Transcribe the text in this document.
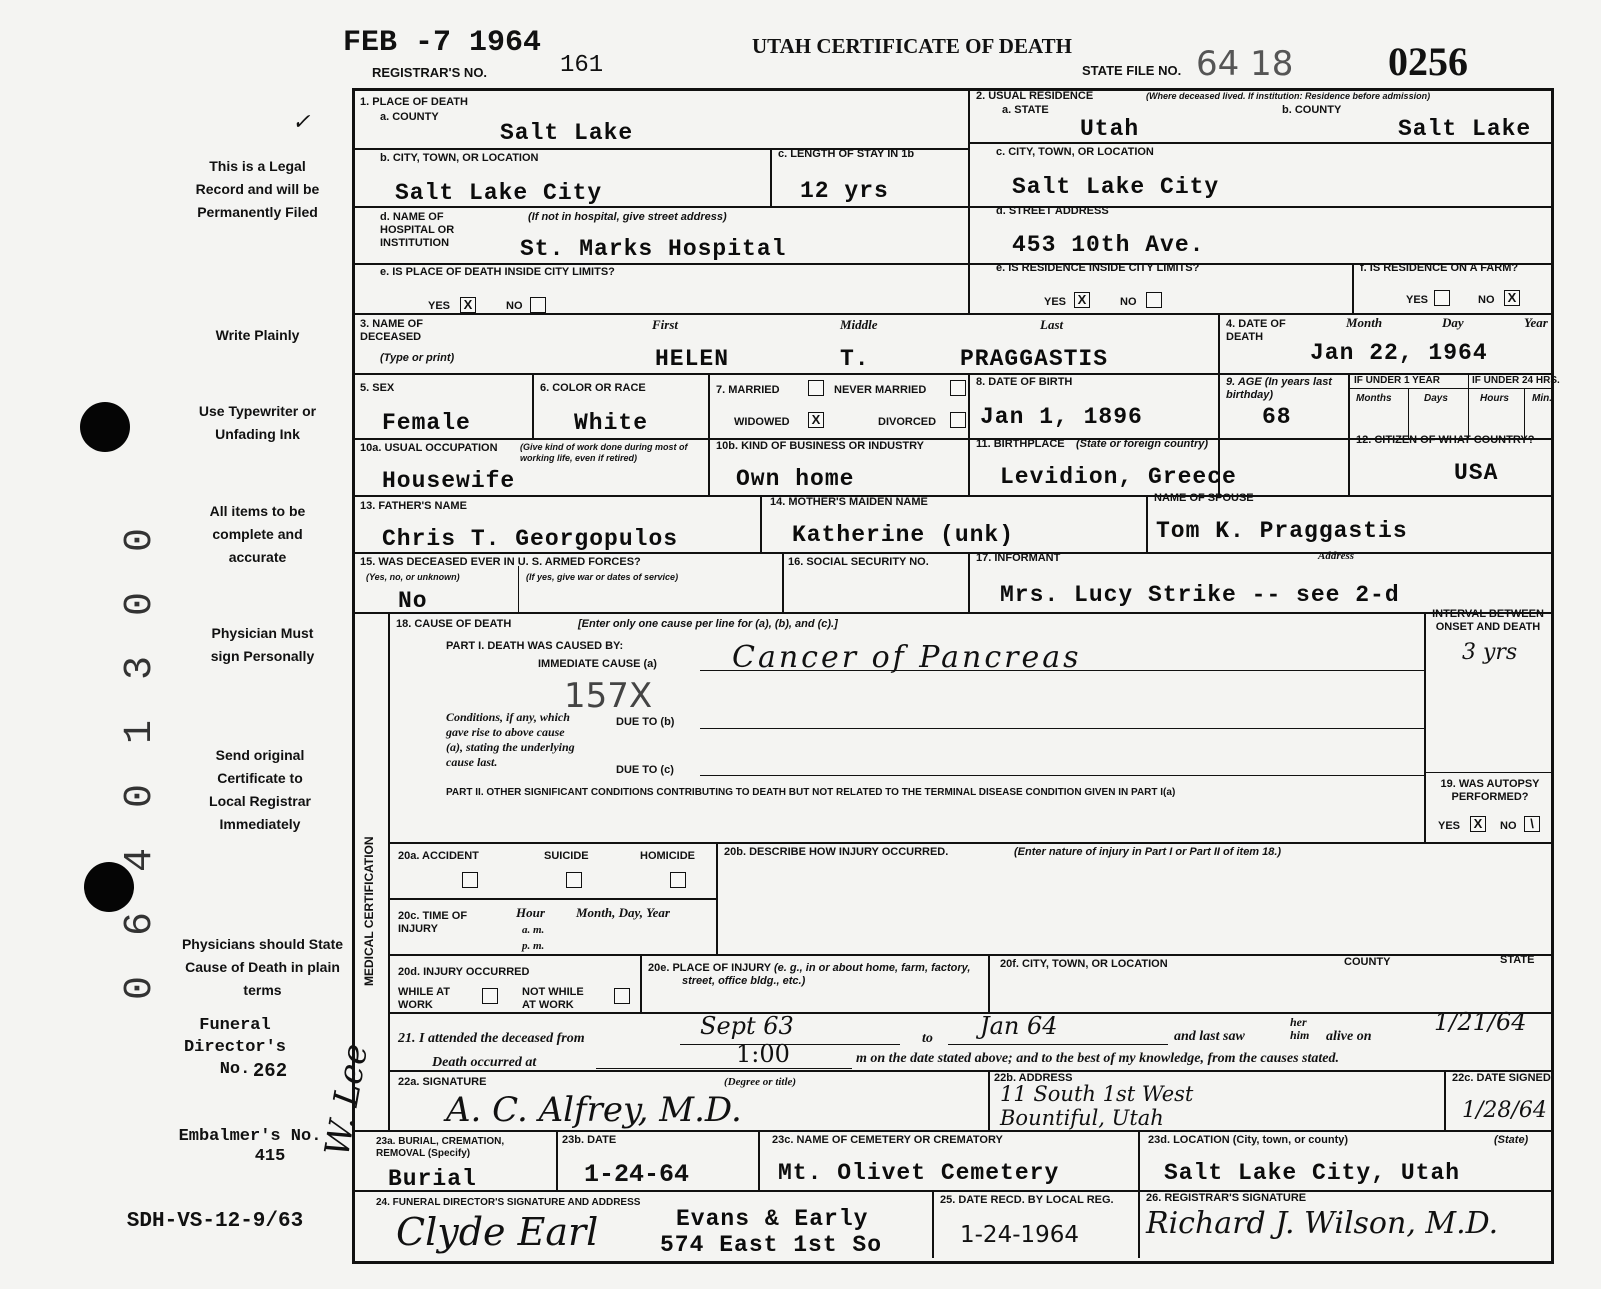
0 6 4 0 1 3 0 0
✓
This is a Legal Record and will be Permanently Filed
Write Plainly
Use Typewriter or Unfading Ink
All items to be complete and accurate
Physician Must sign Personally
Send original Certificate to Local Registrar Immediately
Physicians should State Cause of Death in plain terms
Funeral Director's No. 262
Embalmer's No.
415
SDH-VS-12-9/63
W. Lee
FEB -7 1964
REGISTRAR'S NO.	161
UTAH CERTIFICATE OF DEATH
STATE FILE NO. 64 18 0256
1. PLACE OF DEATH
a. COUNTY
Salt Lake
b. CITY, TOWN, OR LOCATION
Salt Lake City
c. LENGTH OF STAY IN 1b
12 yrs
d. NAME OF HOSPITAL OR INSTITUTION
(If not in hospital, give street address)
St. Marks Hospital
e. IS PLACE OF DEATH INSIDE CITY LIMITS?
YES X	NO
2. USUAL RESIDENCE	(Where deceased lived. If institution: Residence before admission)
a. STATE	b. COUNTY
Utah	Salt Lake
c. CITY, TOWN, OR LOCATION
Salt Lake City
d. STREET ADDRESS
453 10th Ave.
e. IS RESIDENCE INSIDE CITY LIMITS?
YES X	NO
f. IS RESIDENCE ON A FARM?
YES	NO X
3. NAME OF DECEASED
(Type or print)
First	Middle	Last
HELEN	T.	PRAGGASTIS
4. DATE OF DEATH
Month	Day	Year
Jan 22, 1964
5. SEX
Female
6. COLOR OR RACE
White
7. MARRIED	NEVER MARRIED
WIDOWED X	DIVORCED
8. DATE OF BIRTH
Jan 1, 1896
9. AGE (In years last birthday)
68
IF UNDER 1 YEAR	IF UNDER 24 HRS.
Months	Days	Hours Min.
10a. USUAL OCCUPATION (Give kind of work done during most of working life, even if retired)
Housewife
10b. KIND OF BUSINESS OR INDUSTRY
Own home
11. BIRTHPLACE (State or foreign country)
Levidion, Greece
12. CITIZEN OF WHAT COUNTRY?
USA
13. FATHER'S NAME
Chris T. Georgopulos
14. MOTHER'S MAIDEN NAME
Katherine (unk)
NAME OF SPOUSE
Tom K. Praggastis
15. WAS DECEASED EVER IN U. S. ARMED FORCES?
(Yes, no, or unknown)	(If yes, give war or dates of service)
No
16. SOCIAL SECURITY NO.	17. INFORMANT	Address
Mrs. Lucy Strike -- see 2-d
MEDICAL CERTIFICATION
18. CAUSE OF DEATH	[Enter only one cause per line for (a), (b), and (c).]
PART I. DEATH WAS CAUSED BY:
IMMEDIATE CAUSE (a)	Cancer of Pancreas
157X
INTERVAL BETWEEN ONSET AND DEATH
3 yrs
Conditions, if any, which gave rise to above cause (a), stating the underlying cause last.
DUE TO (b)
DUE TO (c)
PART II. OTHER SIGNIFICANT CONDITIONS CONTRIBUTING TO DEATH BUT NOT RELATED TO THE TERMINAL DISEASE CONDITION GIVEN IN PART I(a)
19. WAS AUTOPSY PERFORMED?
YES X	NO	\
20a. ACCIDENT	SUICIDE	HOMICIDE	20b. DESCRIBE HOW INJURY OCCURRED.	(Enter nature of injury in Part I or Part II of item 18.)
20c. TIME OF INJURY
Hour
a. m.
p. m.
Month, Day, Year
20d. INJURY OCCURRED
WHILE AT WORK
NOT WHILE AT WORK
20e. PLACE OF INJURY (e. g., in or about home, farm, factory, street, office bldg., etc.)
20f. CITY, TOWN, OR LOCATION	COUNTY	STATE
21. I attended the deceased from	Sept 63	to Jan 64	and last saw
her him	alive on
1/21/64
Death occurred at	1:00	m on the date stated above; and to the best of my knowledge, from the causes stated.
22a. SIGNATURE	(Degree or title)
A. C. Alfrey, M.D.
22b. ADDRESS
11 South 1st West Bountiful, Utah
22c. DATE SIGNED
1/28/64
23a. BURIAL, CREMATION, REMOVAL (Specify)
Burial
23b. DATE
1-24-64
23c. NAME OF CEMETERY OR CREMATORY
Mt. Olivet Cemetery
23d. LOCATION (City, town, or county)	(State)
Salt Lake City, Utah
24. FUNERAL DIRECTOR'S SIGNATURE AND ADDRESS
Clyde Earl	Evans & Early
574 East 1st So
25. DATE RECD. BY LOCAL REG.
1-24-1964
26. REGISTRAR'S SIGNATURE
Richard J. Wilson, M.D.
